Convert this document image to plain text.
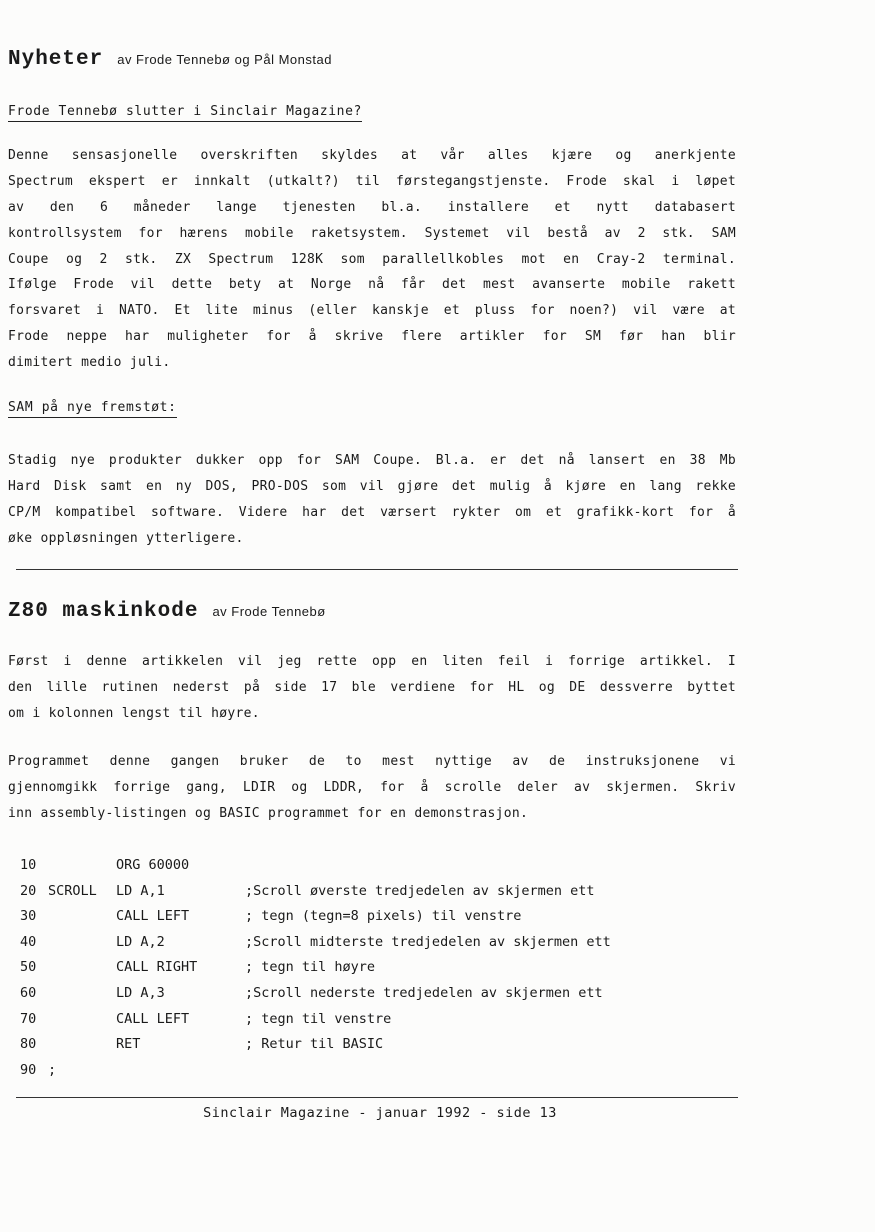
Nyheter av Frode Tennebø og Pål Monstad
Frode Tennebø slutter i Sinclair Magazine?
Denne sensasjonelle overskriften skyldes at vår alles kjære og anerkjente
Spectrum ekspert er innkalt (utkalt?) til førstegangstjenste. Frode skal i løpet
av den 6 måneder lange tjenesten bl.a. installere et nytt databasert
kontrollsystem for hærens mobile raketsystem. Systemet vil bestå av 2 stk. SAM
Coupe og 2 stk. ZX Spectrum 128K som parallellkobles mot en Cray-2 terminal.
Ifølge Frode vil dette bety at Norge nå får det mest avanserte mobile rakett
forsvaret i NATO. Et lite minus (eller kanskje et pluss for noen?) vil være at
Frode neppe har muligheter for å skrive flere artikler for SM før han blir
dimitert medio juli.
SAM på nye fremstøt:
Stadig nye produkter dukker opp for SAM Coupe. Bl.a. er det nå lansert en 38 Mb
Hard Disk samt en ny DOS, PRO-DOS som vil gjøre det mulig å kjøre en lang rekke
CP/M kompatibel software. Videre har det værsert rykter om et grafikk-kort for å
øke oppløsningen ytterligere.
Z80 maskinkode av Frode Tennebø
Først i denne artikkelen vil jeg rette opp en liten feil i forrige artikkel. I
den lille rutinen nederst på side 17 ble verdiene for HL og DE dessverre byttet
om i kolonnen lengst til høyre.
Programmet denne gangen bruker de to mest nyttige av de instruksjonene vi
gjennomgikk forrige gang, LDIR og LDDR, for å scrolle deler av skjermen. Skriv
inn assembly-listingen og BASIC programmet for en demonstrasjon.
10	ORG 60000
20 SCROLL LD A,1	;Scroll øverste tredjedelen av skjermen ett
30	CALL LEFT	; tegn (tegn=8 pixels) til venstre
40	LD A,2	;Scroll midterste tredjedelen av skjermen ett
50	CALL RIGHT	; tegn til høyre
60	LD A,3	;Scroll nederste tredjedelen av skjermen ett
70	CALL LEFT	; tegn til venstre
80	RET	; Retur til BASIC
90 ;
Sinclair Magazine - januar 1992 - side 13
